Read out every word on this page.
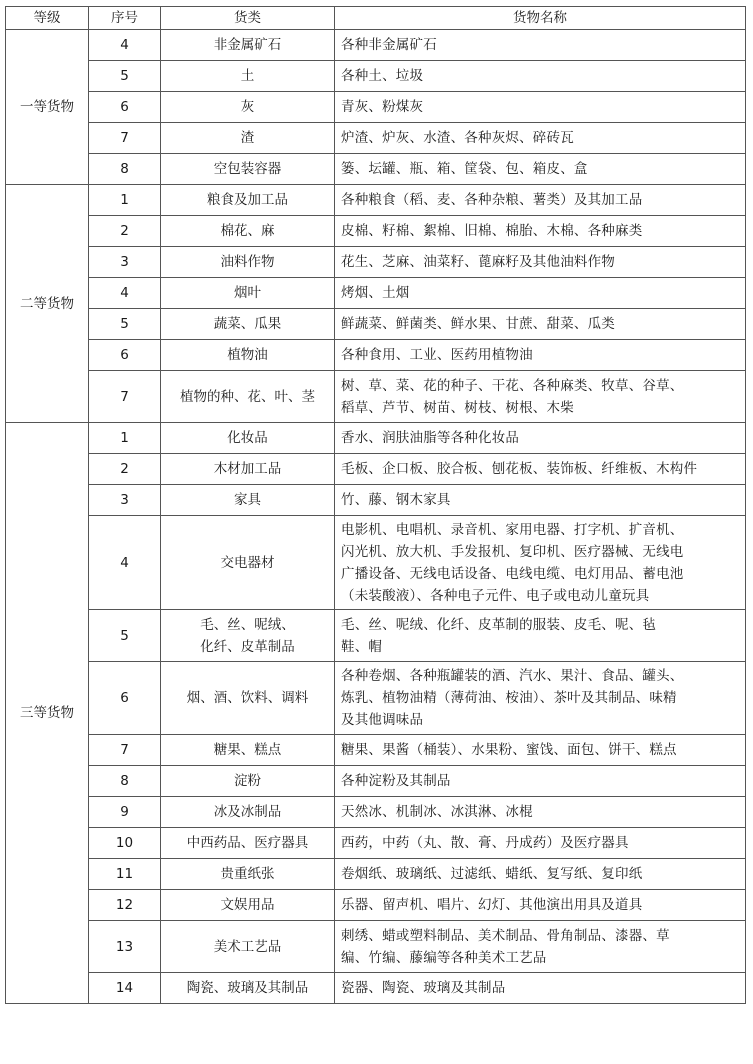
等级	序号	货类	货物名称
一等货物	4	非金属矿石	各种非金属矿石

	5	土	各种土、垃圾

	6	灰	青灰、粉煤灰

	7	渣	炉渣、炉灰、水渣、各种灰烬、碎砖瓦

	8	空包装容器	篓、坛罐、瓶、箱、筐袋、包、箱皮、盒

二等货物	1	粮食及加工品	各种粮食（稻、麦、各种杂粮、薯类）及其加工品

	2	棉花、麻	皮棉、籽棉、絮棉、旧棉、棉胎、木棉、各种麻类

	3	油料作物	花生、芝麻、油菜籽、蓖麻籽及其他油料作物

	4	烟叶	烤烟、土烟

	5	蔬菜、瓜果	鲜蔬菜、鲜菌类、鲜水果、甘蔗、甜菜、瓜类

	6	植物油	各种食用、工业、医药用植物油

	7	植物的种、花、叶、茎	树、草、菜、花的种子、干花、各种麻类、牧草、谷草、
稻草、芦节、树苗、树枝、树根、木柴

三等货物	1	化妆品	香水、润肤油脂等各种化妆品

	2	木材加工品	毛板、企口板、胶合板、刨花板、装饰板、纤维板、木构件

	3	家具	竹、藤、钢木家具

	4	交电器材	电影机、电唱机、录音机、家用电器、打字机、扩音机、
闪光机、放大机、手发报机、复印机、医疗器械、无线电
广播设备、无线电话设备、电线电缆、电灯用品、蓄电池
（未装酸液）、各种电子元件、电子或电动儿童玩具

	5	毛、丝、呢绒、
化纤、皮革制品	毛、丝、呢绒、化纤、皮革制的服装、皮毛、呢、毡
鞋、帽

	6	烟、酒、饮料、调料	各种卷烟、各种瓶罐装的酒、汽水、果汁、食品、罐头、
炼乳、植物油精（薄荷油、桉油）、茶叶及其制品、味精
及其他调味品

	7	糖果、糕点	糖果、果酱（桶装）、水果粉、蜜饯、面包、饼干、糕点

	8	淀粉	各种淀粉及其制品

	9	冰及冰制品	天然冰、机制冰、冰淇淋、冰棍

	10	中西药品、医疗器具	西药，中药（丸、散、膏、丹成药）及医疗器具

	11	贵重纸张	卷烟纸、玻璃纸、过滤纸、蜡纸、复写纸、复印纸

	12	文娱用品	乐器、留声机、唱片、幻灯、其他演出用具及道具

	13	美术工艺品	刺绣、蜡或塑料制品、美术制品、骨角制品、漆器、草
编、竹编、藤编等各种美术工艺品

	14	陶瓷、玻璃及其制品	瓷器、陶瓷、玻璃及其制品
